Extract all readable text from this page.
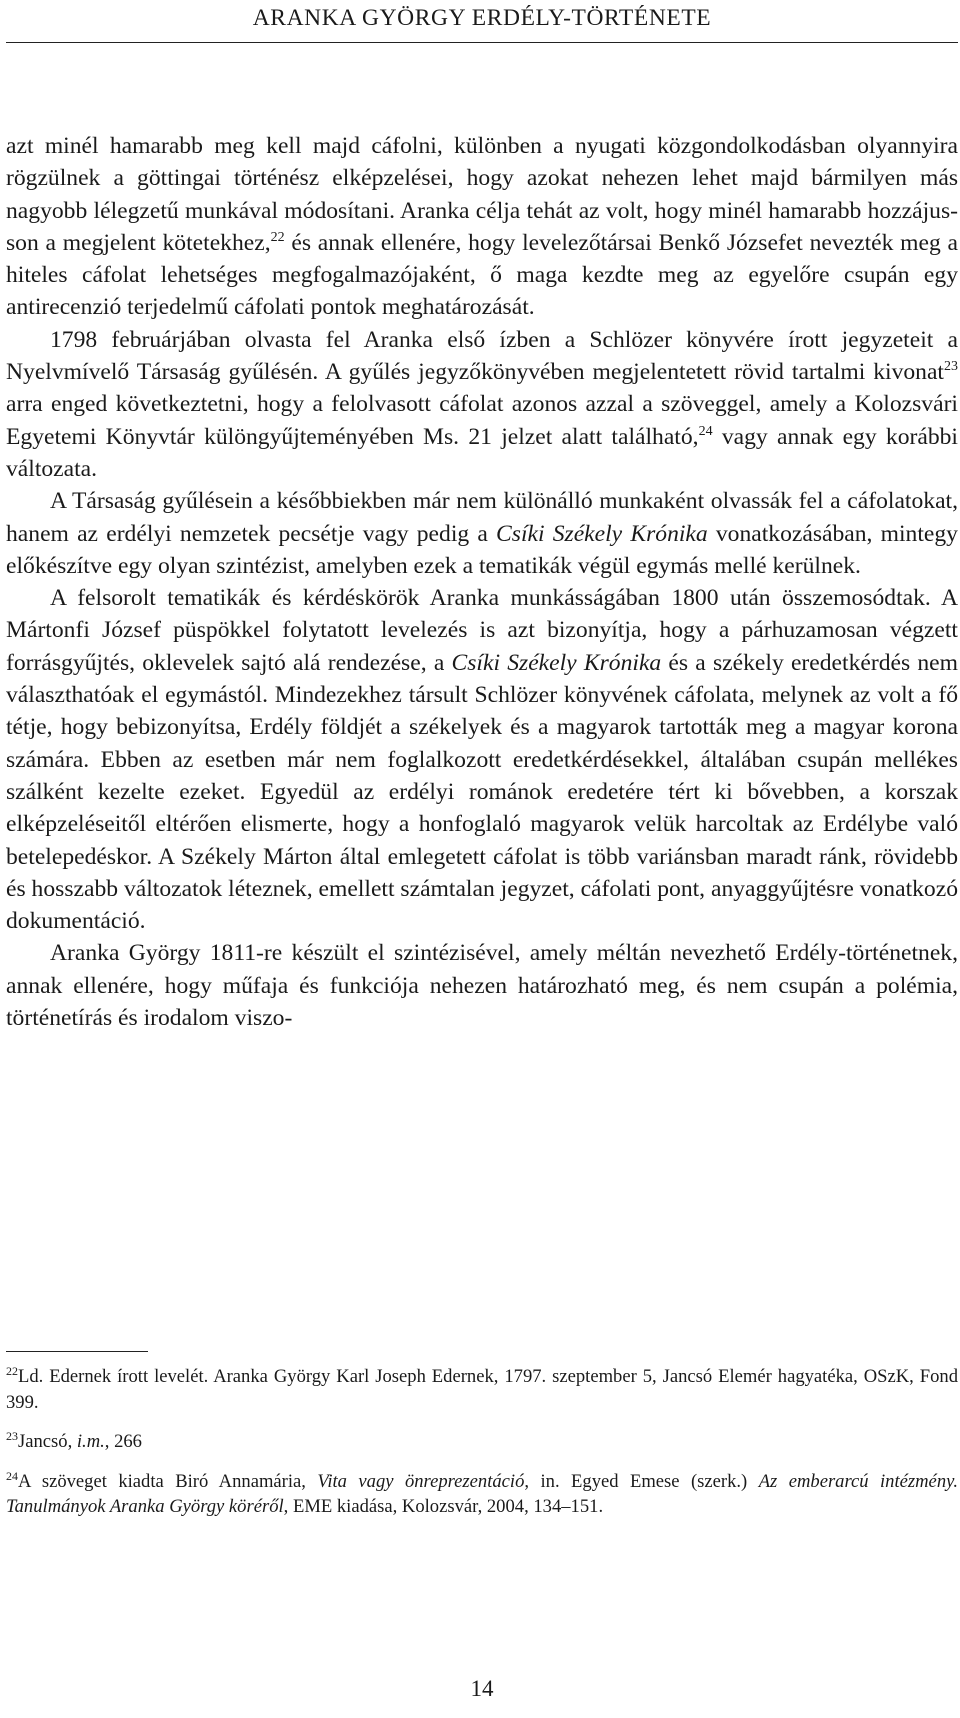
ARANKA GYÖRGY ERDÉLY-TÖRTÉNETE

azt minél hamarabb meg kell majd cáfolni, különben a nyugati közgondolkodásban olyannyira rögzülnek a göttingai történész elképzelései, hogy azokat nehezen lehet majd bármilyen más nagyobb lélegzetű munkával módosítani. Aranka célja tehát az volt, hogy minél hamarabb hozzájusson a megjelent kötetekhez,$^{22}$ és annak ellenére, hogy levelezőtársai Benkő Józsefet nevezték meg a hiteles cáfolat lehetséges megfogalmazójaként, ő maga kezdte meg az egyelőre csupán egy antirecenzió terjedelmű cáfolati pontok meghatározását.

1798 februárjában olvasta fel Aranka első ízben a Schlözer könyvére írott jegyzeteit a Nyelvmívelő Társaság gyűlésén. A gyűlés jegyzőkönyvében megjelentetett rövid tartalmi kivonat$^{23}$ arra enged következtetni, hogy a felolvasott cáfolat azonos azzal a szöveggel, amely a Kolozsvári Egyetemi Könyvtár különgyűjteményében Ms. 21 jelzet alatt található,$^{24}$ vagy annak egy korábbi változata.

A Társaság gyűlésein a későbbiekben már nem különálló munkaként olvassák fel a cáfolatokat, hanem az erdélyi nemzetek pecsétje vagy pedig a Csíki Székely Krónika vonatkozásában, mintegy előkészítve egy olyan szintézist, amelyben ezek a tematikák végül egymás mellé kerülnek.

A felsorolt tematikák és kérdéskörök Aranka munkásságában 1800 után összemosódtak. A Mártonfi József püspökkel folytatott levelezés is azt bizonyítja, hogy a párhuzamosan végzett forrásgyűjtés, oklevelek sajtó alá rendezése, a Csíki Székely Krónika és a székely eredetkérdés nem választhatóak el egymástól. Mindezekhez társult Schlözer könyvének cáfolata, melynek az volt a fő tétje, hogy bebizonyítsa, Erdély földjét a székelyek és a magyarok tartották meg a magyar korona számára. Ebben az esetben már nem foglalkozott eredetkérdésekkel, általában csupán mellékes szálként kezelte ezeket. Egyedül az erdélyi románok eredetére tért ki bővebben, a korszak elképzeléseitől eltérően elismerte, hogy a honfoglaló magyarok velük harcoltak az Erdélybe való betelepedéskor. A Székely Márton által emlegetett cáfolat is több variánsban maradt ránk, rövidebb és hosszabb változatok léteznek, emellett számtalan jegyzet, cáfolati pont, anyaggyűjtésre vonatkozó dokumentáció.

Aranka György 1811-re készült el szintézisével, amely méltán nevezhető Erdély-történetnek, annak ellenére, hogy műfaja és funkciója nehezen határozható meg, és nem csupán a polémia, történetírás és irodalom viszo-

$^{22}$Ld. Edernek írott levelét. Aranka György Karl Joseph Edernek, 1797. szeptember 5, Jancsó Elemér hagyatéka, OSzK, Fond 399.

$^{23}$Jancsó, i.m., 266

$^{24}$A szöveget kiadta Biró Annamária, Vita vagy önreprezentáció, in. Egyed Emese (szerk.) Az emberarcú intézmény. Tanulmányok Aranka György köréről, EME kiadása, Kolozsvár, 2004, 134–151.

14
